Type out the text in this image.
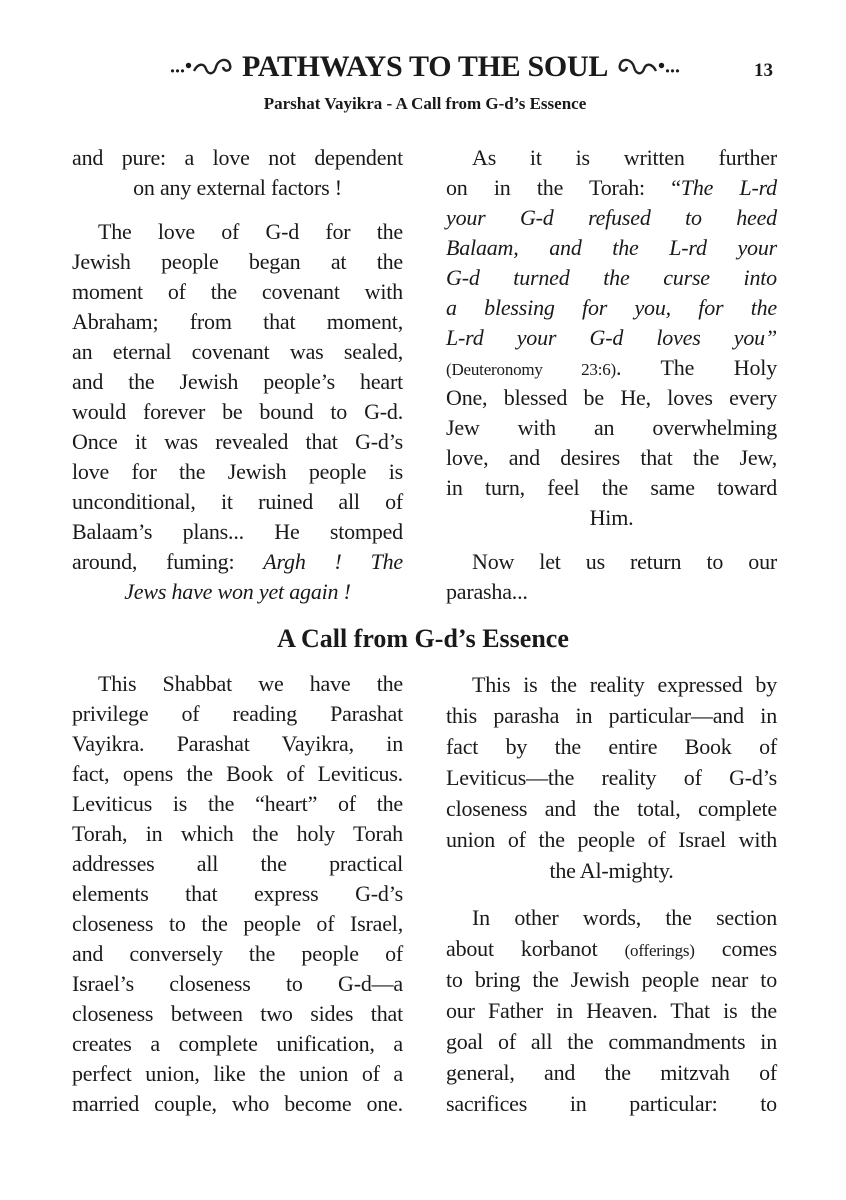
...• PATHWAYS TO THE SOUL	•...	13
Parshat Vayikra - A Call from G-d’s Essence
and pure: a love not dependent
on any external factors !
The love of G-d for the
Jewish people began at the
moment of the covenant with
Abraham; from that moment,
an eternal covenant was sealed,
and the Jewish people’s heart
would forever be bound to G-d.
Once it was revealed that G-d’s
love for the Jewish people is
unconditional, it ruined all of
Balaam’s plans... He stomped
around, fuming: Argh ! The
Jews have won yet again !
As it is written further
on in the Torah: “The L-rd
your G-d refused to heed
Balaam, and the L-rd your
G-d turned the curse into
a blessing for you, for the
L-rd your G-d loves you”
(Deuteronomy 23:6). The Holy
One, blessed be He, loves every
Jew with an overwhelming
love, and desires that the Jew,
in turn, feel the same toward
Him.
Now let us return to our
parasha...
A Call from G-d’s Essence
This Shabbat we have the
privilege of reading Parashat
Vayikra. Parashat Vayikra, in
fact, opens the Book of Leviticus.
Leviticus is the “heart” of the
Torah, in which the holy Torah
addresses all the practical
elements that express G-d’s
closeness to the people of Israel,
and conversely the people of
Israel’s closeness to G-d—a
closeness between two sides that
creates a complete unification, a
perfect union, like the union of a
married couple, who become one.
This is the reality expressed by
this parasha in particular—and in
fact by the entire Book of
Leviticus—the reality of G-d’s
closeness and the total, complete
union of the people of Israel with
the Al-mighty.
In other words, the section
about korbanot (offerings) comes
to bring the Jewish people near to
our Father in Heaven. That is the
goal of all the commandments in
general, and the mitzvah of
sacrifices in particular: to
